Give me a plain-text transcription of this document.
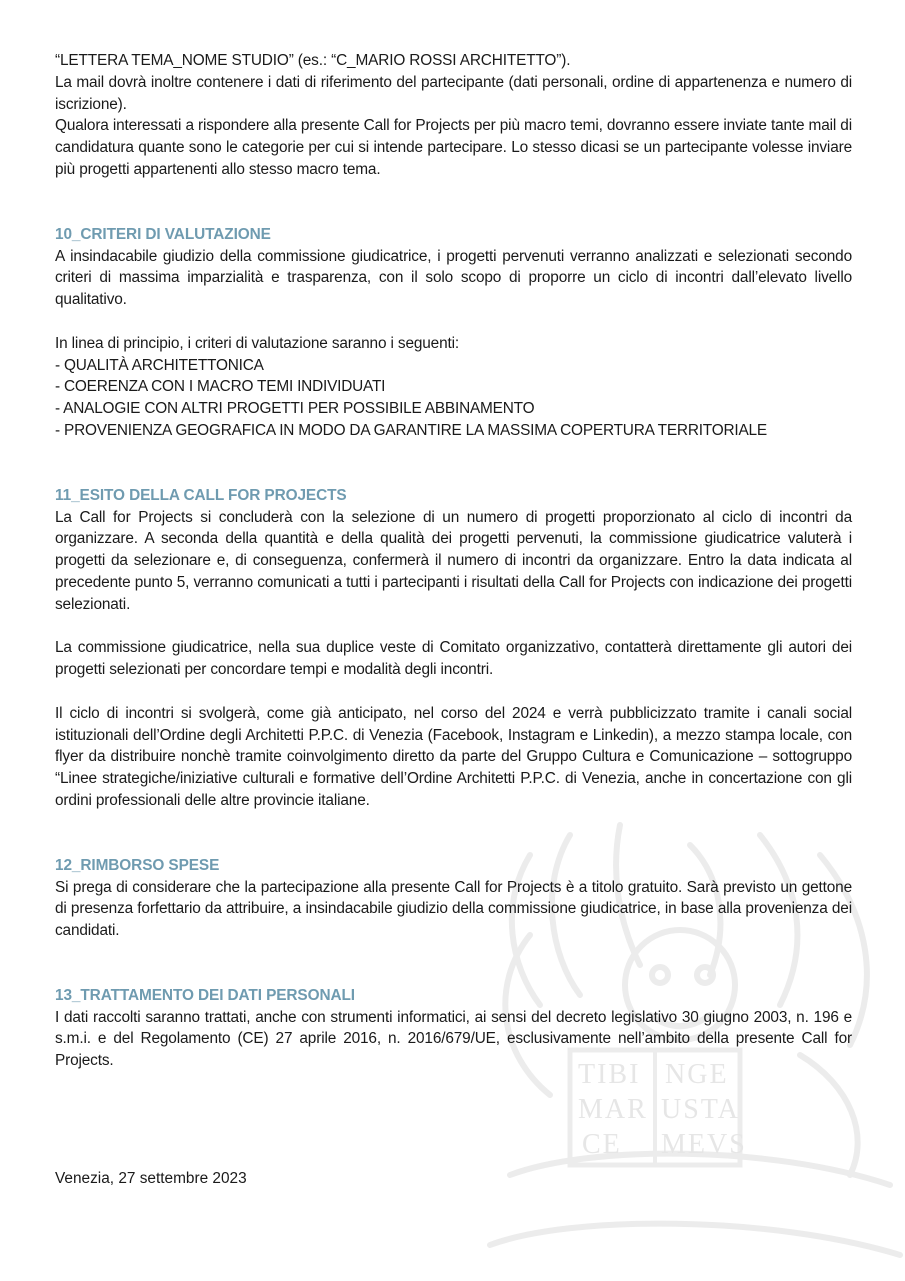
TIBI
MAR
CE
NGE
USTA
MEVS

“LETTERA TEMA_NOME STUDIO” (es.: “C_MARIO ROSSI ARCHITETTO”).

La mail dovrà inoltre contenere i dati di riferimento del partecipante (dati personali, ordine di appartenenza e numero di iscrizione).

Qualora interessati a rispondere alla presente Call for Projects per più macro temi, dovranno essere inviate tante mail di candidatura quante sono le categorie per cui si intende partecipare. Lo stesso dicasi se un partecipante volesse inviare più progetti appartenenti allo stesso macro tema.

10_CRITERI DI VALUTAZIONE

A insindacabile giudizio della commissione giudicatrice, i progetti pervenuti verranno analizzati e selezionati secondo criteri di massima imparzialità e trasparenza, con il solo scopo di proporre un ciclo di incontri dall’elevato livello qualitativo.

In linea di principio, i criteri di valutazione saranno i seguenti:

- QUALITÀ ARCHITETTONICA
- COERENZA CON I MACRO TEMI INDIVIDUATI
- ANALOGIE CON ALTRI PROGETTI PER POSSIBILE ABBINAMENTO
- PROVENIENZA GEOGRAFICA IN MODO DA GARANTIRE LA MASSIMA COPERTURA TERRITORIALE
11_ESITO DELLA CALL FOR PROJECTS

La Call for Projects si concluderà con la selezione di un numero di progetti proporzionato al ciclo di incontri da organizzare. A seconda della quantità e della qualità dei progetti pervenuti, la commissione giudicatrice valuterà i progetti da selezionare e, di conseguenza, confermerà il numero di incontri da organizzare. Entro la data indicata al precedente punto 5, verranno comunicati a tutti i partecipanti i risultati della Call for Projects con indicazione dei progetti selezionati.

La commissione giudicatrice, nella sua duplice veste di Comitato organizzativo, contatterà direttamente gli autori dei progetti selezionati per concordare tempi e modalità degli incontri.

Il ciclo di incontri si svolgerà, come già anticipato, nel corso del 2024 e verrà pubblicizzato tramite i canali social istituzionali dell’Ordine degli Architetti P.P.C. di Venezia (Facebook, Instagram e Linkedin), a mezzo stampa locale, con flyer da distribuire nonchè tramite coinvolgimento diretto da parte del Gruppo Cultura e Comunicazione – sottogruppo “Linee strategiche/iniziative culturali e formative dell’Ordine Architetti P.P.C. di Venezia, anche in concertazione con gli ordini professionali delle altre provincie italiane.

12_RIMBORSO SPESE

Si prega di considerare che la partecipazione alla presente Call for Projects è a titolo gratuito. Sarà previsto un gettone di presenza forfettario da attribuire, a insindacabile giudizio della commissione giudicatrice, in base alla provenienza dei candidati.

13_TRATTAMENTO DEI DATI PERSONALI

I dati raccolti saranno trattati, anche con strumenti informatici, ai sensi del decreto legislativo 30 giugno 2003, n. 196 e s.m.i. e del Regolamento (CE) 27 aprile 2016, n. 2016/679/UE, esclusivamente nell’ambito della presente Call for Projects.

Venezia, 27 settembre 2023
